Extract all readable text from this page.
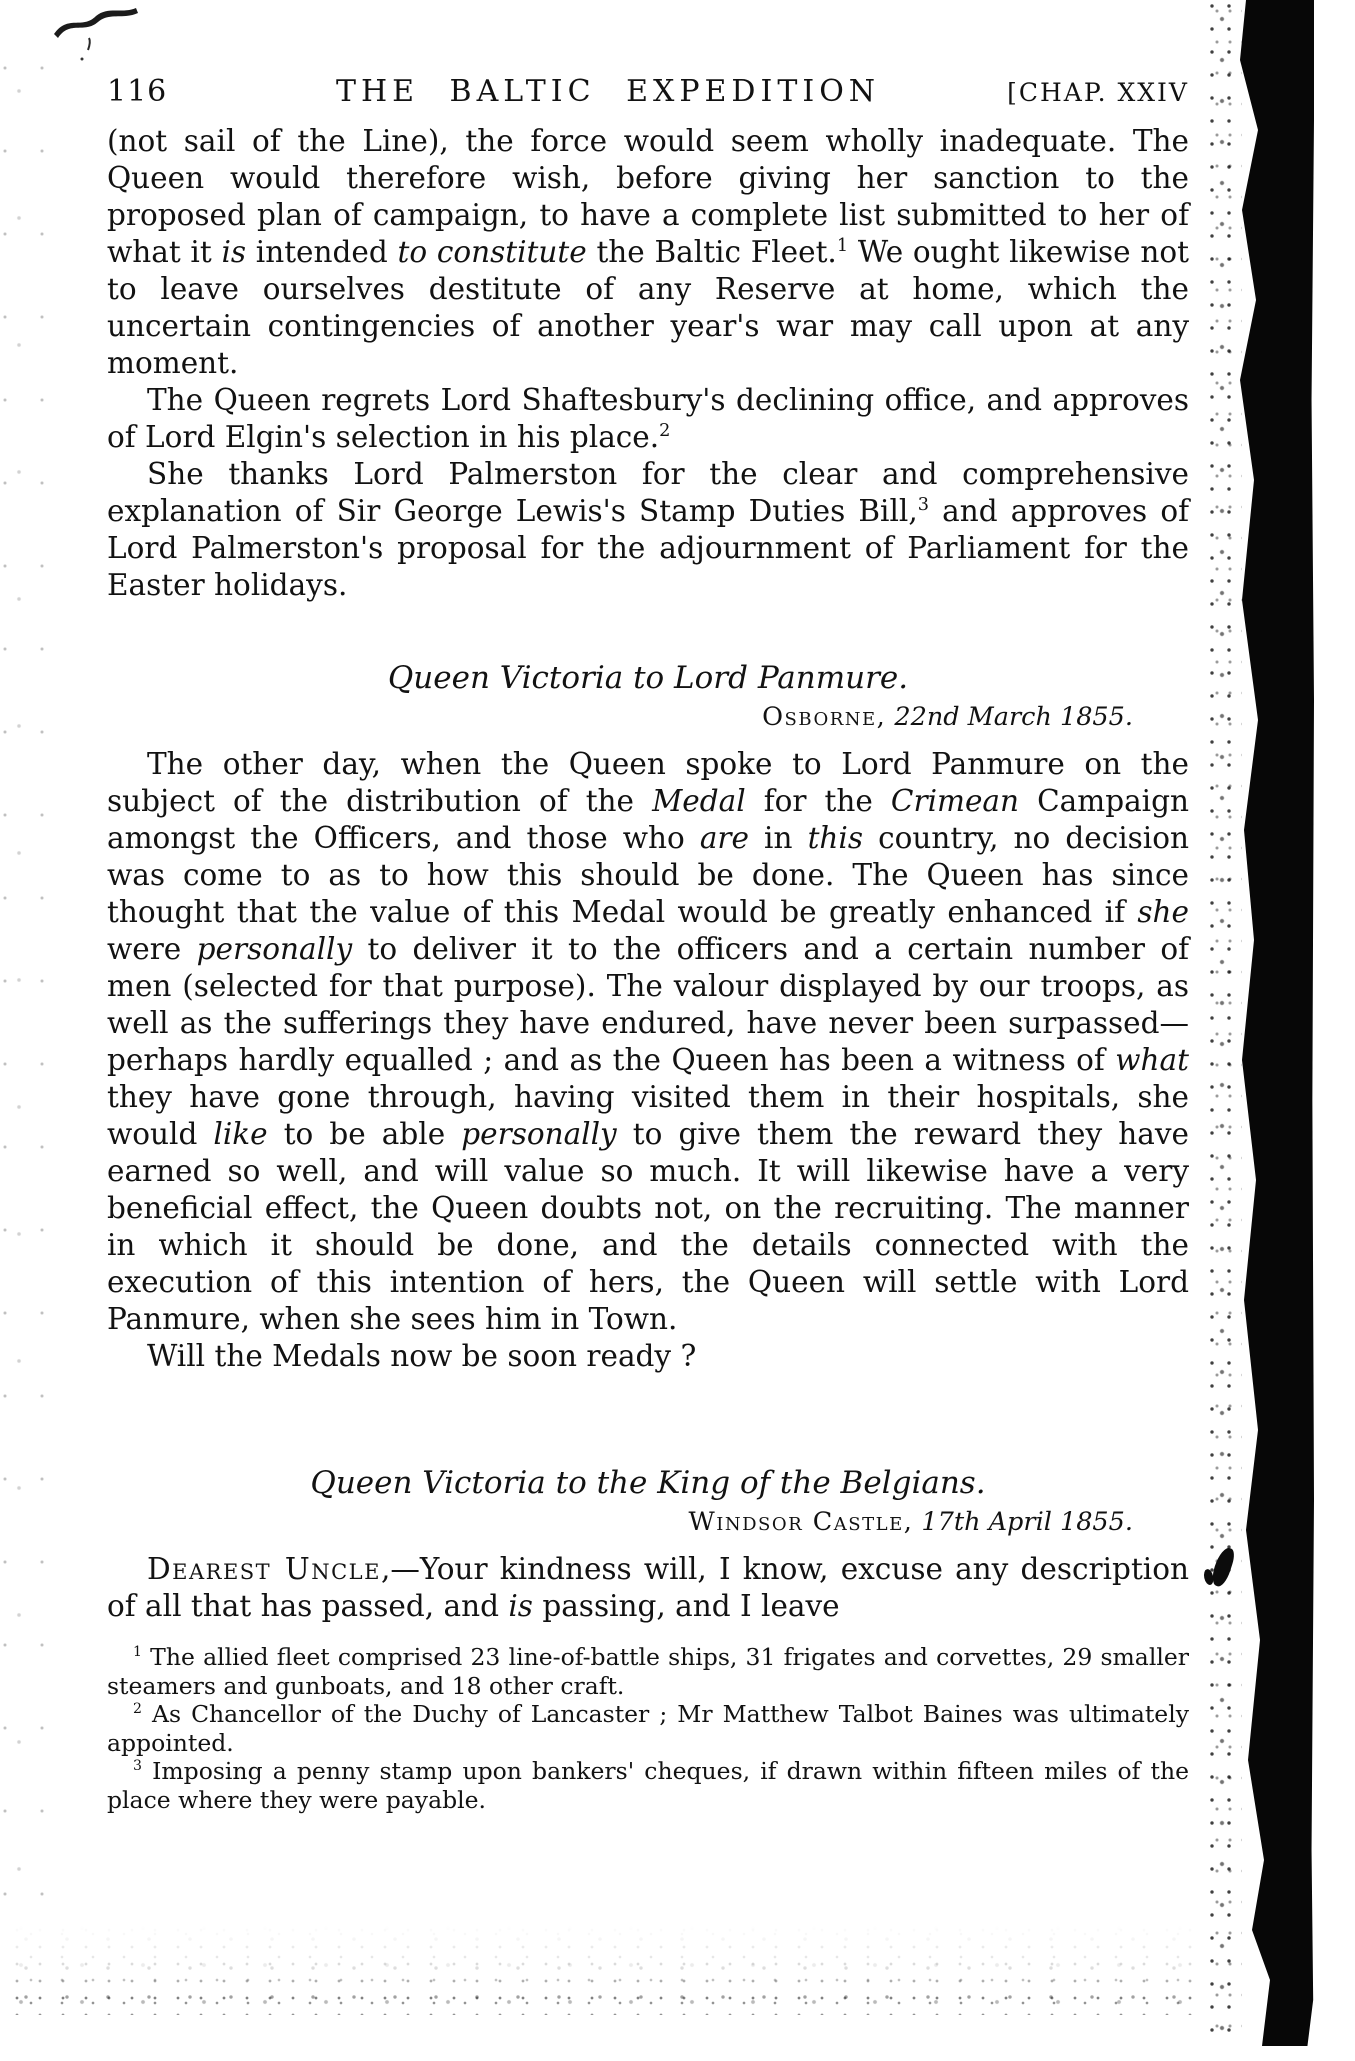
116	THE BALTIC EXPEDITION	[CHAP. XXIV

(not sail of the Line), the force would seem wholly inadequate. The Queen would therefore wish, before giving her sanction to the proposed plan of campaign, to have a complete list submitted to her of what it is intended to constitute the Baltic Fleet.$^1$ We ought likewise not to leave ourselves destitute of any Reserve at home, which the uncertain contingencies of another year's war may call upon at any moment.

The Queen regrets Lord Shaftesbury's declining office, and approves of Lord Elgin's selection in his place.$^2$

She thanks Lord Palmerston for the clear and comprehensive explanation of Sir George Lewis's Stamp Duties Bill,$^3$ and approves of Lord Palmerston's proposal for the adjournment of Parliament for the Easter holidays.

Queen Victoria to Lord Panmure.

Osborne, 22nd March 1855.

The other day, when the Queen spoke to Lord Panmure on the subject of the distribution of the Medal for the Crimean Campaign amongst the Officers, and those who are in this country, no decision was come to as to how this should be done. The Queen has since thought that the value of this Medal would be greatly enhanced if she were personally to deliver it to the officers and a certain number of men (selected for that purpose). The valour displayed by our troops, as well as the sufferings they have endured, have never been surpassed—perhaps hardly equalled ; and as the Queen has been a witness of what they have gone through, having visited them in their hospitals, she would like to be able personally to give them the reward they have earned so well, and will value so much. It will likewise have a very beneficial effect, the Queen doubts not, on the recruiting. The manner in which it should be done, and the details connected with the execution of this intention of hers, the Queen will settle with Lord Panmure, when she sees him in Town.

Will the Medals now be soon ready ?

Queen Victoria to the King of the Belgians.

Windsor Castle, 17th April 1855.

Dearest Uncle,—Your kindness will, I know, excuse any description of all that has passed, and is passing, and I leave

$^1$ The allied fleet comprised 23 line-of-battle ships, 31 frigates and corvettes, 29 smaller steamers and gunboats, and 18 other craft.

$^2$ As Chancellor of the Duchy of Lancaster ; Mr Matthew Talbot Baines was ultimately appointed.

$^3$ Imposing a penny stamp upon bankers' cheques, if drawn within fifteen miles of the place where they were payable.
